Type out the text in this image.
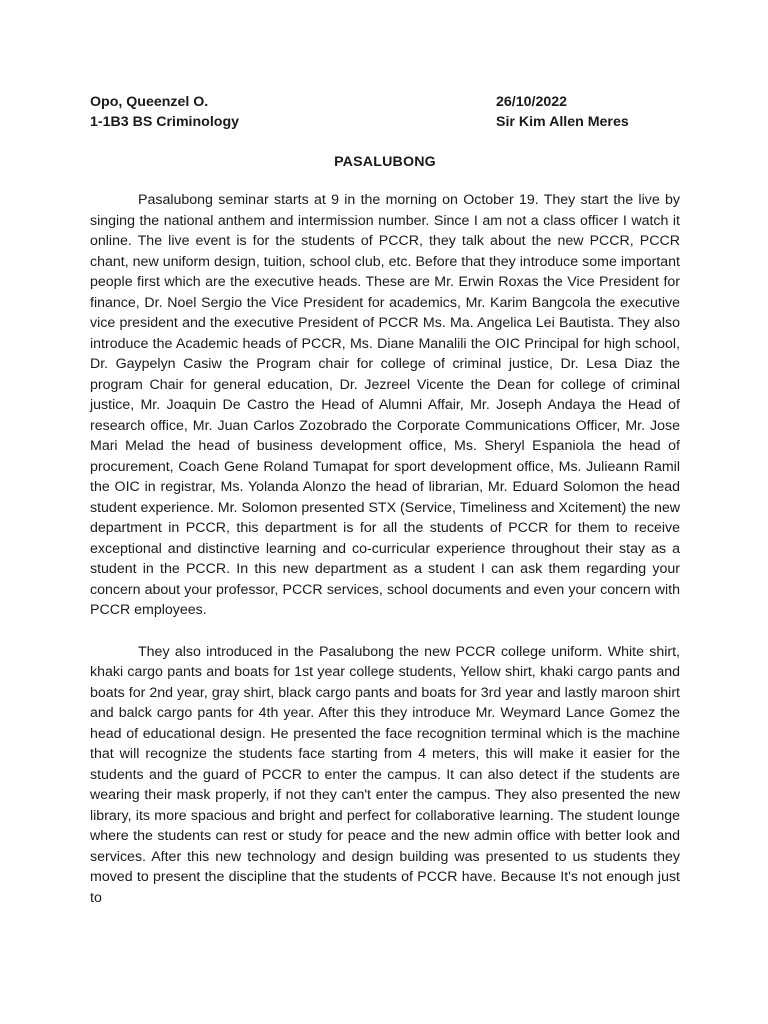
Opo, Queenzel O.	26/10/2022
1-1B3 BS Criminology	Sir Kim Allen Meres
PASALUBONG

Pasalubong seminar starts at 9 in the morning on October 19. They start the live by singing the national anthem and intermission number. Since I am not a class officer I watch it online. The live event is for the students of PCCR, they talk about the new PCCR, PCCR chant, new uniform design, tuition, school club, etc. Before that they introduce some important people first which are the executive heads. These are Mr. Erwin Roxas the Vice President for finance, Dr. Noel Sergio the Vice President for academics, Mr. Karim Bangcola the executive vice president and the executive President of PCCR Ms. Ma. Angelica Lei Bautista. They also introduce the Academic heads of PCCR, Ms. Diane Manalili the OIC Principal for high school, Dr. Gaypelyn Casiw the Program chair for college of criminal justice, Dr. Lesa Diaz the program Chair for general education, Dr. Jezreel Vicente the Dean for college of criminal justice, Mr. Joaquin De Castro the Head of Alumni Affair, Mr. Joseph Andaya the Head of research office, Mr. Juan Carlos Zozobrado the Corporate Communications Officer, Mr. Jose Mari Melad the head of business development office, Ms. Sheryl Espaniola the head of procurement, Coach Gene Roland Tumapat for sport development office, Ms. Julieann Ramil the OIC in registrar, Ms. Yolanda Alonzo the head of librarian, Mr. Eduard Solomon the head student experience. Mr. Solomon presented STX (Service, Timeliness and Xcitement) the new department in PCCR, this department is for all the students of PCCR for them to receive exceptional and distinctive learning and co-curricular experience throughout their stay as a student in the PCCR. In this new department as a student I can ask them regarding your concern about your professor, PCCR services, school documents and even your concern with PCCR employees.

They also introduced in the Pasalubong the new PCCR college uniform. White shirt, khaki cargo pants and boats for 1st year college students, Yellow shirt, khaki cargo pants and boats for 2nd year, gray shirt, black cargo pants and boats for 3rd year and lastly maroon shirt and balck cargo pants for 4th year. After this they introduce Mr. Weymard Lance Gomez the head of educational design. He presented the face recognition terminal which is the machine that will recognize the students face starting from 4 meters, this will make it easier for the students and the guard of PCCR to enter the campus. It can also detect if the students are wearing their mask properly, if not they can't enter the campus. They also presented the new library, its more spacious and bright and perfect for collaborative learning. The student lounge where the students can rest or study for peace and the new admin office with better look and services. After this new technology and design building was presented to us students they moved to present the discipline that the students of PCCR have. Because It's not enough just to
